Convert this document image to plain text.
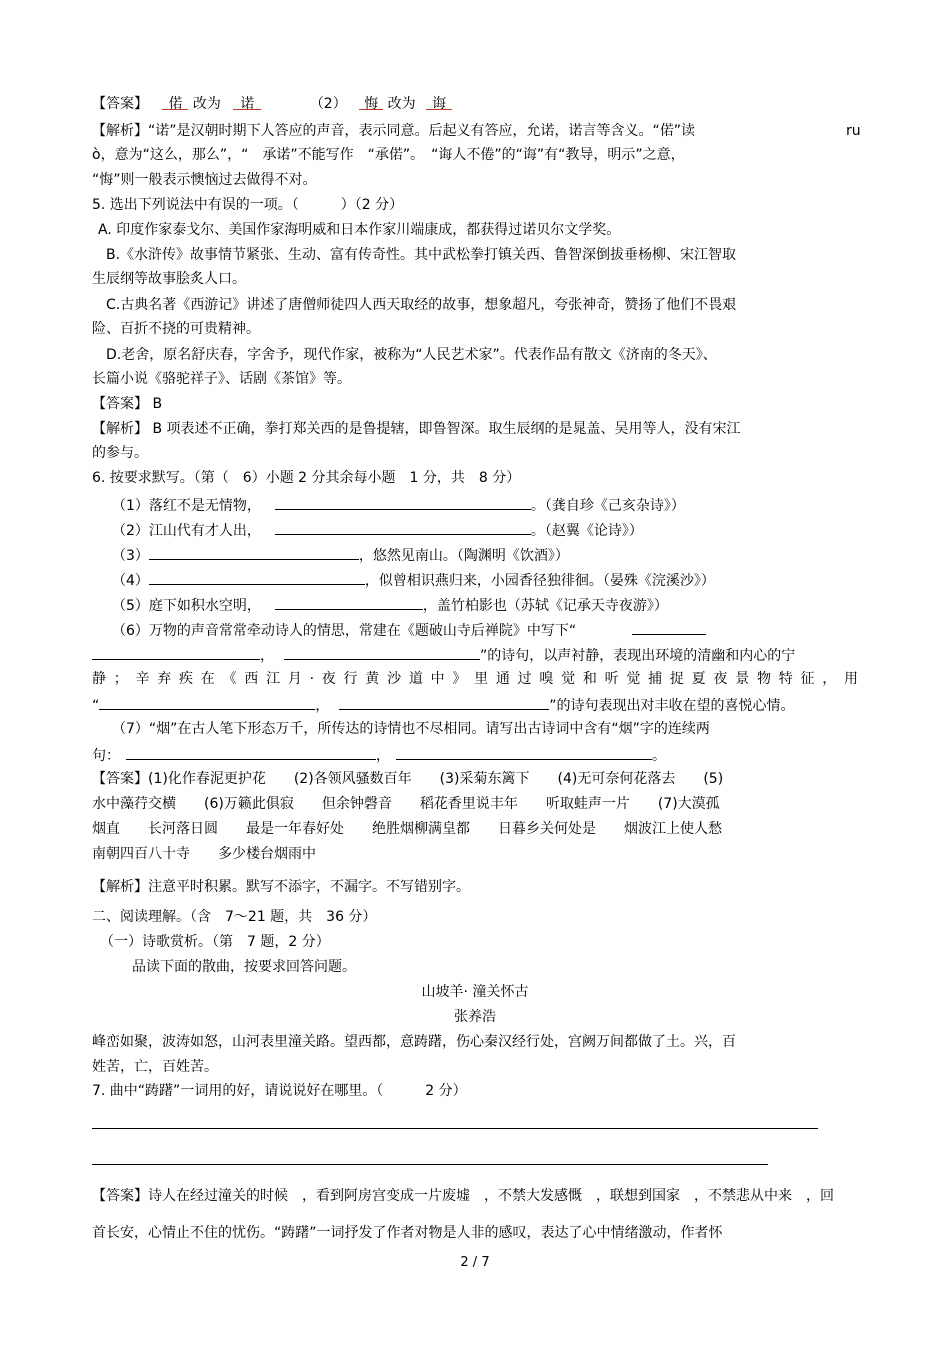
【答案】 偌 改为 诺	（2） 悔 改为 诲
【解析】“诺”是汉朝时期下人答应的声音，表示同意。后起义有答应，允诺，诺言等含义。“偌”读	ru
ò，意为“这么，那么”，“　承诺”不能写作　“承偌”。　“诲人不倦”的“诲”有“教导，明示”之意，
“悔”则一般表示懊恼过去做得不对。
5. 选出下列说法中有误的一项。（　　　）（2 分）
A. 印度作家泰戈尔、美国作家海明威和日本作家川端康成，都获得过诺贝尔文学奖。
B.《水浒传》故事情节紧张、生动、富有传奇性。其中武松拳打镇关西、鲁智深倒拔垂杨柳、宋江智取
生辰纲等故事脍炙人口。
C.古典名著《西游记》讲述了唐僧师徒四人西天取经的故事，想象超凡，夸张神奇，赞扬了他们不畏艰
险、百折不挠的可贵精神。
D.老舍，原名舒庆春，字舍予，现代作家，被称为“人民艺术家”。代表作品有散文《济南的冬天》、
长篇小说《骆驼祥子》、话剧《茶馆》等。
【答案】 B
【解析】 B 项表述不正确，拳打郑关西的是鲁提辖，即鲁智深。取生辰纲的是晁盖、吴用等人，没有宋江
的参与。
6. 按要求默写。（第（　6）小题 2 分其余每小题　1 分，共　8 分）
（1）落红不是无情物，	。（龚自珍《己亥杂诗》）
（2）江山代有才人出，	。（赵翼《论诗》）
（3）	，悠然见南山。（陶渊明《饮酒》）
（4）	，似曾相识燕归来，小园香径独徘徊。（晏殊《浣溪沙》）
（5）庭下如积水空明，	，盖竹柏影也（苏轼《记承天寺夜游》）
（6）万物的声音常常牵动诗人的情思，常建在《题破山寺后禅院》中写下“
，	”的诗句，以声衬静，表现出环境的清幽和内心的宁
静；辛弃疾在《西江月·夜行黄沙道中》里通过嗅觉和听觉捕捉夏夜景物特征，用
“	，	”的诗句表现出对丰收在望的喜悦心情。
（7）“烟”在古人笔下形态万千，所传达的诗情也不尽相同。请写出古诗词中含有“烟”字的连续两
句：	，	。
【答案】(1)化作春泥更护花　　(2)各领风骚数百年　　(3)采菊东篱下　　(4)无可奈何花落去　　(5)
水中藻荇交横　　(6)万籁此俱寂　　但余钟磬音　　稻花香里说丰年　　听取蛙声一片　　(7)大漠孤
烟直　　长河落日圆　　最是一年春好处　　绝胜烟柳满皇都　　日暮乡关何处是　　烟波江上使人愁
南朝四百八十寺　　多少楼台烟雨中
【解析】注意平时积累。默写不添字，不漏字。不写错别字。
二、阅读理解。（含　7～21 题，共　36 分）
（一）诗歌赏析。（第　7 题，2 分）
品读下面的散曲，按要求回答问题。
山坡羊· 潼关怀古
张养浩
峰峦如聚，波涛如怒，山河表里潼关路。望西都，意踌躇，伤心秦汉经行处，宫阙万间都做了土。兴，百
姓苦，亡，百姓苦。
7. 曲中“踌躇”一词用的好，请说说好在哪里。（　　　2 分）
【答案】诗人在经过潼关的时候　，看到阿房宫变成一片废墟　，不禁大发感慨　，联想到国家　，不禁悲从中来　，回
首长安，心情止不住的忧伤。“踌躇”一词抒发了作者对物是人非的感叹，表达了心中情绪激动，作者怀
2 / 7
